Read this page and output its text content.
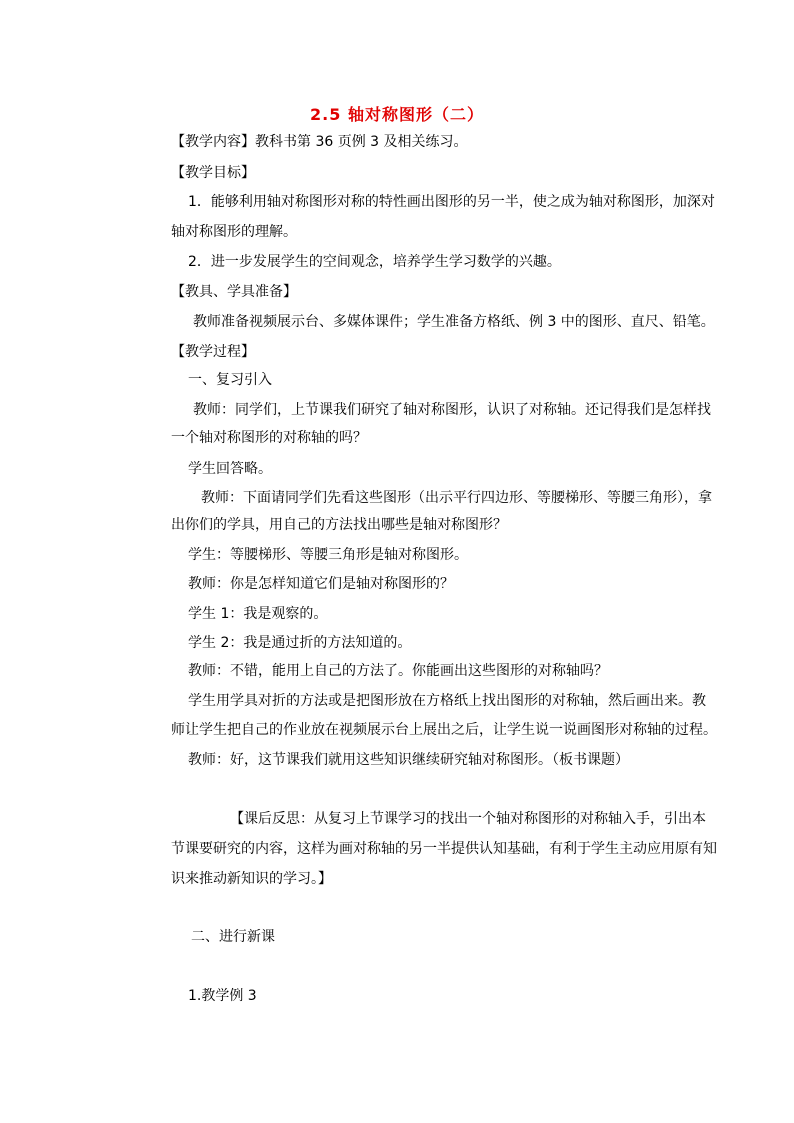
2.5 轴对称图形（二）
【教学内容】教科书第 36 页例 3 及相关练习。
【教学目标】
1．能够利用轴对称图形对称的特性画出图形的另一半，使之成为轴对称图形，加深对
轴对称图形的理解。
2．进一步发展学生的空间观念，培养学生学习数学的兴趣。
【教具、学具准备】
教师准备视频展示台、多媒体课件；学生准备方格纸、例 3 中的图形、直尺、铅笔。
【教学过程】
一、复习引入
教师：同学们，上节课我们研究了轴对称图形，认识了对称轴。还记得我们是怎样找
一个轴对称图形的对称轴的吗？
学生回答略。
教师：下面请同学们先看这些图形（出示平行四边形、等腰梯形、等腰三角形），拿
出你们的学具，用自己的方法找出哪些是轴对称图形？
学生：等腰梯形、等腰三角形是轴对称图形。
教师：你是怎样知道它们是轴对称图形的？
学生 1：我是观察的。
学生 2：我是通过折的方法知道的。
教师：不错，能用上自己的方法了。你能画出这些图形的对称轴吗？
学生用学具对折的方法或是把图形放在方格纸上找出图形的对称轴，然后画出来。教
师让学生把自己的作业放在视频展示台上展出之后，让学生说一说画图形对称轴的过程。
教师：好，这节课我们就用这些知识继续研究轴对称图形。（板书课题）
【课后反思：从复习上节课学习的找出一个轴对称图形的对称轴入手，引出本
节课要研究的内容，这样为画对称轴的另一半提供认知基础，有利于学生主动应用原有知
识来推动新知识的学习。】
二、进行新课
1.教学例 3
